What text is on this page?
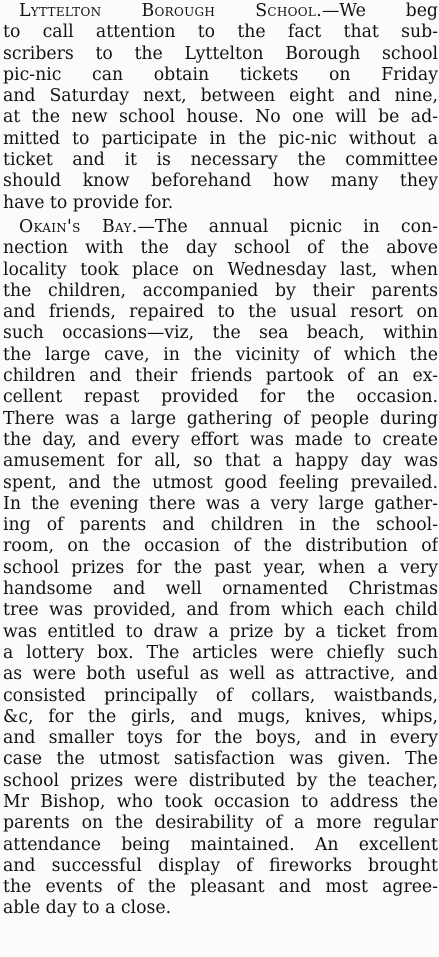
Lyttelton Borough School.—We beg
to call attention to the fact that sub-
scribers to the Lyttelton Borough school
pic-nic can obtain tickets on Friday
and Saturday next, between eight and nine,
at the new school house. No one will be ad-
mitted to participate in the pic-nic without a
ticket and it is necessary the committee
should know beforehand how many they
have to provide for.
Okain's Bay.—The annual picnic in con-
nection with the day school of the above
locality took place on Wednesday last, when
the children, accompanied by their parents
and friends, repaired to the usual resort on
such occasions—viz, the sea beach, within
the large cave, in the vicinity of which the
children and their friends partook of an ex-
cellent repast provided for the occasion.
There was a large gathering of people during
the day, and every effort was made to create
amusement for all, so that a happy day was
spent, and the utmost good feeling prevailed.
In the evening there was a very large gather-
ing of parents and children in the school-
room, on the occasion of the distribution of
school prizes for the past year, when a very
handsome and well ornamented Christmas
tree was provided, and from which each child
was entitled to draw a prize by a ticket from
a lottery box. The articles were chiefly such
as were both useful as well as attractive, and
consisted principally of collars, waistbands,
&c, for the girls, and mugs, knives, whips,
and smaller toys for the boys, and in every
case the utmost satisfaction was given. The
school prizes were distributed by the teacher,
Mr Bishop, who took occasion to address the
parents on the desirability of a more regular
attendance being maintained. An excellent
and successful display of fireworks brought
the events of the pleasant and most agree-
able day to a close.
